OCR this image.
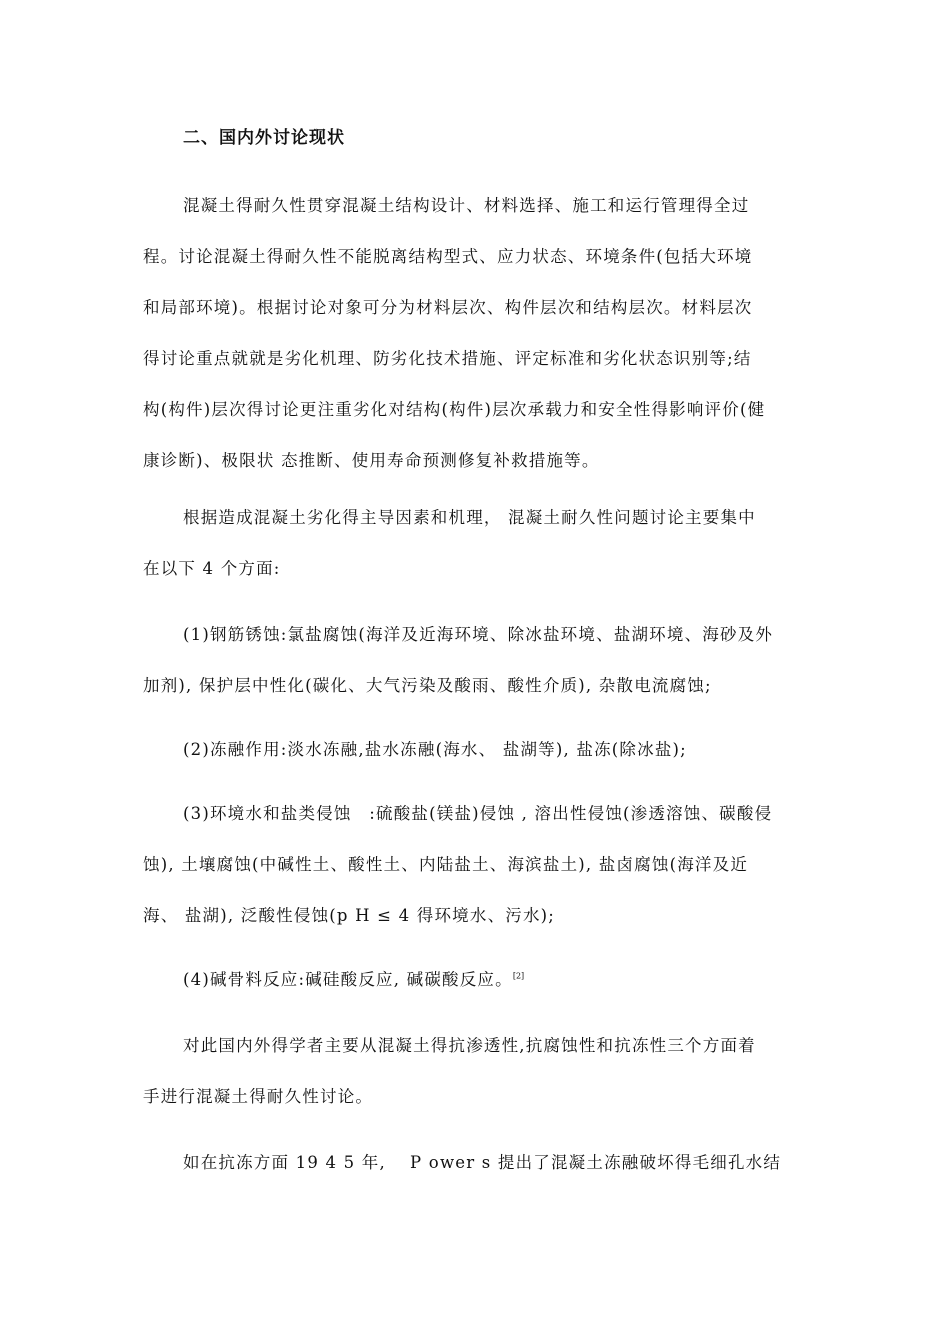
二、国内外讨论现状

混凝土得耐久性贯穿混凝土结构设计、材料选择、施工和运行管理得全过
程。讨论混凝土得耐久性不能脱离结构型式、应力状态、环境条件(包括大环境
和局部环境)。根据讨论对象可分为材料层次、构件层次和结构层次。材料层次
得讨论重点就就是劣化机理、防劣化技术措施、评定标准和劣化状态识别等;结
构(构件)层次得讨论更注重劣化对结构(构件)层次承载力和安全性得影响评价(健
康诊断)、极限状 态推断、使用寿命预测修复补救措施等。

根据造成混凝土劣化得主导因素和机理， 混凝土耐久性问题讨论主要集中
在以下 4 个方面:

(1)钢筋锈蚀:氯盐腐蚀(海洋及近海环境、除冰盐环境、盐湖环境、海砂及外
加剂), 保护层中性化(碳化、大气污染及酸雨、酸性介质), 杂散电流腐蚀;

(2)冻融作用:淡水冻融,盐水冻融(海水、 盐湖等), 盐冻(除冰盐);

(3)环境水和盐类侵蚀　:硫酸盐(镁盐)侵蚀 , 溶出性侵蚀(渗透溶蚀、碳酸侵
蚀), 土壤腐蚀(中碱性土、酸性土、内陆盐土、海滨盐土), 盐卤腐蚀(海洋及近
海、 盐湖), 泛酸性侵蚀(p H ≤ 4 得环境水、污水);

(4)碱骨料反应:碱硅酸反应, 碱碳酸反应。[2]

对此国内外得学者主要从混凝土得抗渗透性,抗腐蚀性和抗冻性三个方面着
手进行混凝土得耐久性讨论。

如在抗冻方面 19 4 5 年, 　P ower s 提出了混凝土冻融破坏得毛细孔水结
